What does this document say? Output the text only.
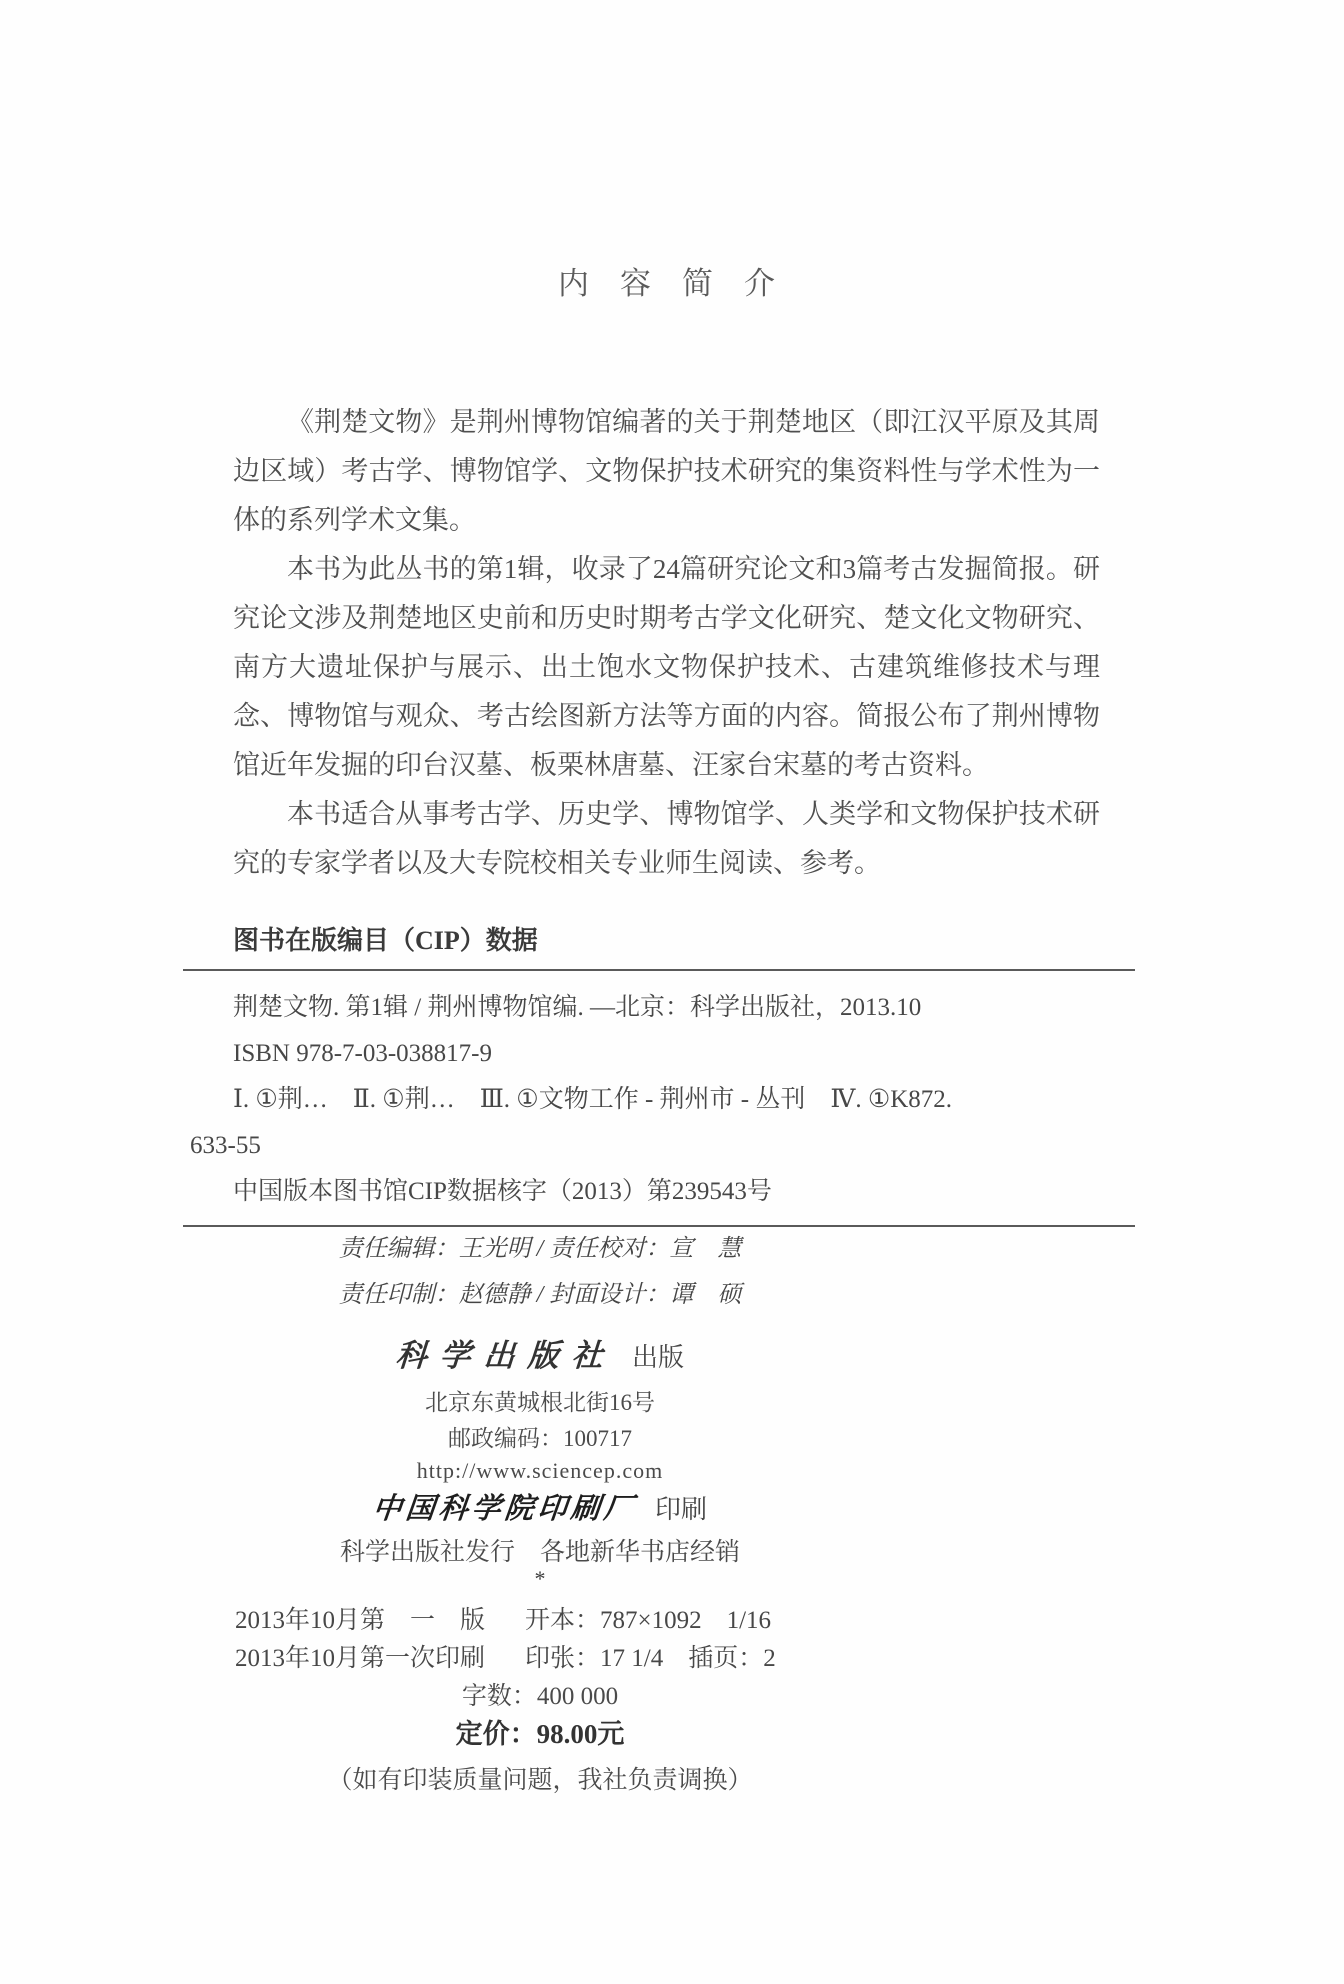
内　容　简　介

《荆楚文物》是荆州博物馆编著的关于荆楚地区（即江汉平原及其周边区域）考古学、博物馆学、文物保护技术研究的集资料性与学术性为一体的系列学术文集。

本书为此丛书的第1辑，收录了24篇研究论文和3篇考古发掘简报。研究论文涉及荆楚地区史前和历史时期考古学文化研究、楚文化文物研究、南方大遗址保护与展示、出土饱水文物保护技术、古建筑维修技术与理念、博物馆与观众、考古绘图新方法等方面的内容。简报公布了荆州博物馆近年发掘的印台汉墓、板栗林唐墓、汪家台宋墓的考古资料。

本书适合从事考古学、历史学、博物馆学、人类学和文物保护技术研究的专家学者以及大专院校相关专业师生阅读、参考。

图书在版编目（CIP）数据

荆楚文物. 第1辑 / 荆州博物馆编. —北京：科学出版社，2013.10

ISBN 978-7-03-038817-9

Ⅰ. ①荆…　Ⅱ. ①荆…　Ⅲ. ①文物工作 - 荆州市 - 丛刊　Ⅳ. ①K872.

633-55

中国版本图书馆CIP数据核字（2013）第239543号

责任编辑：王光明 / 责任校对：宣　慧

责任印制：赵德静 / 封面设计：谭　硕

科学出版社 出版

北京东黄城根北街16号

邮政编码：100717

http://www.sciencep.com

中国科学院印刷厂 印刷

科学出版社发行　各地新华书店经销

*

2013年10月第　一　版	开本：787×1092　1/16
2013年10月第一次印刷	印张：17 1/4　插页：2

字数：400 000

定价：98.00元

（如有印装质量问题，我社负责调换）
